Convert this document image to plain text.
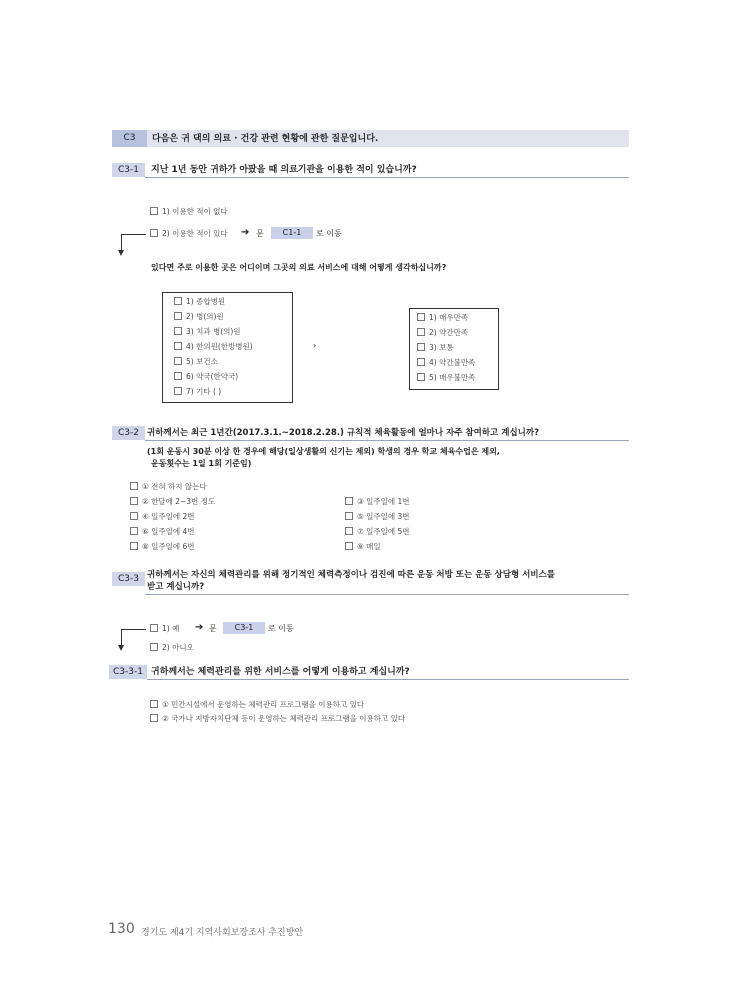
C3	다음은 귀 댁의 의료 · 건강 관련 현황에 관한 질문입니다.
C3-1	지난 1년 동안 귀하가 아팠을 때 의료기관을 이용한 적이 있습니까?
1) 이용한 적이 없다
2) 이용한 적이 있다 ➔ 문	C1-1	로 이동
있다면 주로 이용한 곳은 어디이며 그곳의 의료 서비스에 대해 어떻게 생각하십니까?
1) 종합병원
2) 병(의)원
3) 치과 병(의)원
4) 한의원(한방병원)
5) 보건소
6) 약국(한약국)
7) 기타 ( )
›
1) 매우만족
2) 약간만족
3) 보통
4) 약간불만족
5) 매우불만족
C3-2 귀하께서는 최근 1년간(2017.3.1.~2018.2.28.) 규칙적 체육활동에 얼마나 자주 참여하고 계십니까?
(1회 운동시 30분 이상 한 경우에 해당(일상생활의 신기는 제외) 학생의 경우 학교 체육수업은 제외,
운동횟수는 1일 1회 기준임)
① 전혀 하지 않는다
② 한달에 2~3번 정도
④ 일주일에 2번
⑥ 일주일에 4번
⑧ 일주일에 6번
③ 일주일에 1번
⑤ 일주일에 3번
⑦ 일주일에 5번
⑨ 매일
C3-3 귀하께서는 자신의 체력관리를 위해 정기적인 체력측정이나 검진에 따른 운동 처방 또는 운동 상담형 서비스를
받고 계십니까?
1) 예 ➔ 문	C3-1	로 이동
2) 아니오
C3-3-1 귀하께서는 체력관리를 위한 서비스를 어떻게 이용하고 계십니까?
① 민간시설에서 운영하는 체력관리 프로그램을 이용하고 있다
② 국가나 지방자치단체 등이 운영하는 체력관리 프로그램을 이용하고 있다
130 경기도 제4기 지역사회보장조사 추진방안
